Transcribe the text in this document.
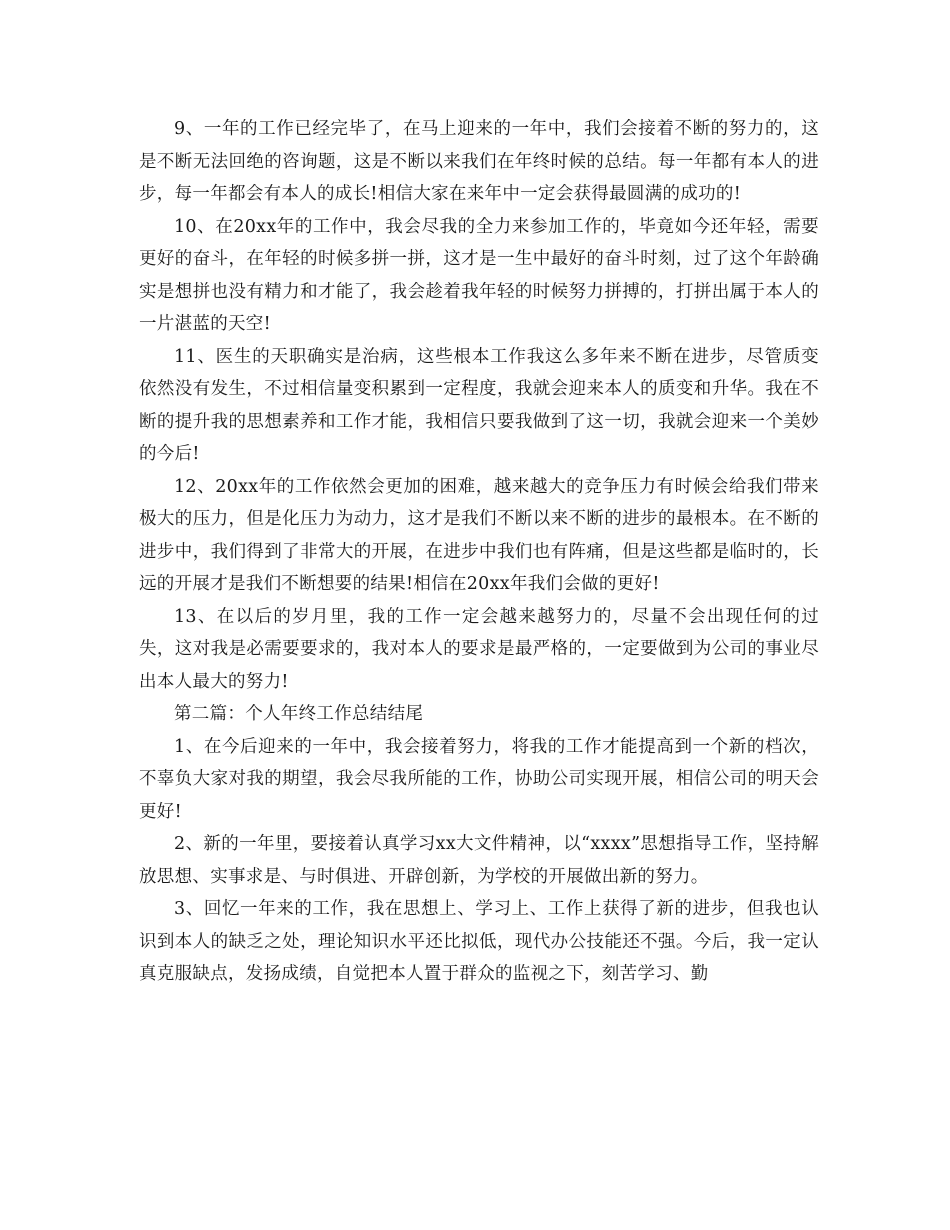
9、一年的工作已经完毕了，在马上迎来的一年中，我们会接着不断的努力的，这是不断无法回绝的咨询题，这是不断以来我们在年终时候的总结。每一年都有本人的进步，每一年都会有本人的成长!相信大家在来年中一定会获得最圆满的成功的!

10、在20xx年的工作中，我会尽我的全力来参加工作的，毕竟如今还年轻，需要更好的奋斗，在年轻的时候多拼一拼，这才是一生中最好的奋斗时刻，过了这个年龄确实是想拼也没有精力和才能了，我会趁着我年轻的时候努力拼搏的，打拼出属于本人的一片湛蓝的天空!

11、医生的天职确实是治病，这些根本工作我这么多年来不断在进步，尽管质变依然没有发生，不过相信量变积累到一定程度，我就会迎来本人的质变和升华。我在不断的提升我的思想素养和工作才能，我相信只要我做到了这一切，我就会迎来一个美妙的今后!

12、20xx年的工作依然会更加的困难，越来越大的竞争压力有时候会给我们带来极大的压力，但是化压力为动力，这才是我们不断以来不断的进步的最根本。在不断的进步中，我们得到了非常大的开展，在进步中我们也有阵痛，但是这些都是临时的，长远的开展才是我们不断想要的结果!相信在20xx年我们会做的更好!

13、在以后的岁月里，我的工作一定会越来越努力的，尽量不会出现任何的过失，这对我是必需要要求的，我对本人的要求是最严格的，一定要做到为公司的事业尽出本人最大的努力!

第二篇：个人年终工作总结结尾

1、在今后迎来的一年中，我会接着努力，将我的工作才能提高到一个新的档次，不辜负大家对我的期望，我会尽我所能的工作，协助公司实现开展，相信公司的明天会更好!

2、新的一年里，要接着认真学习xx大文件精神，以“xxxx”思想指导工作，坚持解放思想、实事求是、与时俱进、开辟创新，为学校的开展做出新的努力。

3、回忆一年来的工作，我在思想上、学习上、工作上获得了新的进步，但我也认识到本人的缺乏之处，理论知识水平还比拟低，现代办公技能还不强。今后，我一定认真克服缺点，发扬成绩，自觉把本人置于群众的监视之下，刻苦学习、勤
